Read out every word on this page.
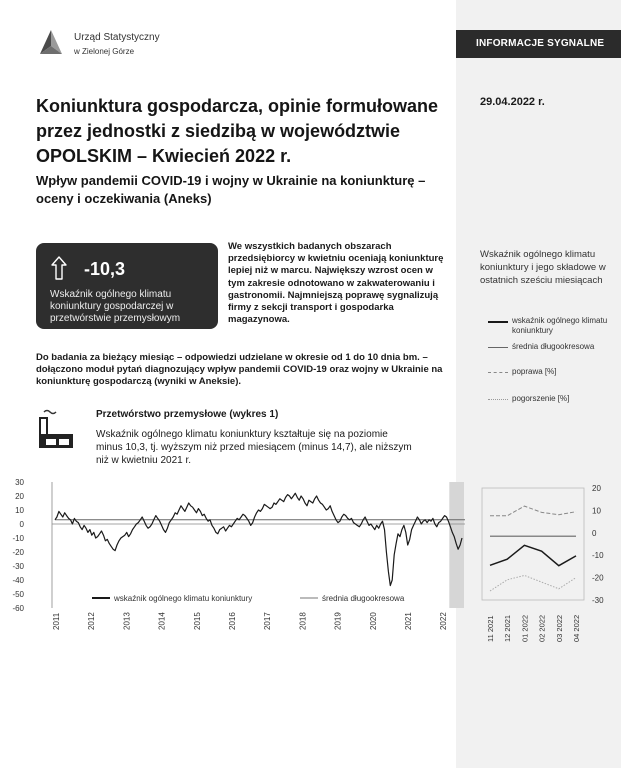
INFORMACJE SYGNALNE
29.04.2022 r.
Urząd Statystyczny
w Zielonej Górze
Koniunktura gospodarcza, opinie formułowane przez jednostki z siedzibą w województwie OPOLSKIM – Kwiecień 2022 r.
Wpływ pandemii COVID-19 i wojny w Ukrainie na koniunkturę – oceny i oczekiwania (Aneks)
-10,3
Wskaźnik ogólnego klimatu koniunktury gospodarczej w przetwórstwie przemysłowym
We wszystkich badanych obszarach przedsiębiorcy w kwietniu oceniają koniunkturę lepiej niż w marcu. Największy wzrost ocen w tym zakresie odnotowano w zakwaterowaniu i gastronomii. Najmniejszą poprawę sygnalizują firmy z sekcji transport i gospodarka magazynowa.
Do badania za bieżący miesiąc – odpowiedzi udzielane w okresie od 1 do 10 dnia bm. – dołączono moduł pytań diagnozujący wpływ pandemii COVID-19 oraz wojny w Ukrainie na koniunkturę gospodarczą (wyniki w Aneksie).
Wskaźnik ogólnego klimatu koniunktury i jego składowe w ostatnich sześciu miesiącach
wskaźnik ogólnego klimatu koniunktury
średnia długookresowa
poprawa [%]
pogorszenie [%]
Przetwórstwo przemysłowe (wykres 1)
Wskaźnik ogólnego klimatu koniunktury kształtuje się na poziomie minus 10,3, tj. wyższym niż przed miesiącem (minus 14,7), ale niższym niż w kwietniu 2021 r.
30
20
10
0
-10
-20
-30
-40
-50
-60
2011	2012	2013	2014	2015	2016	2017	2018	2019	2020	2021	2022
wskaźnik ogólnego klimatu koniunktury	średnia długookresowa
20
10
0
-10
-20
-30
11 2021 12 2021 01 2022 02 2022 03 2022 04 2022
